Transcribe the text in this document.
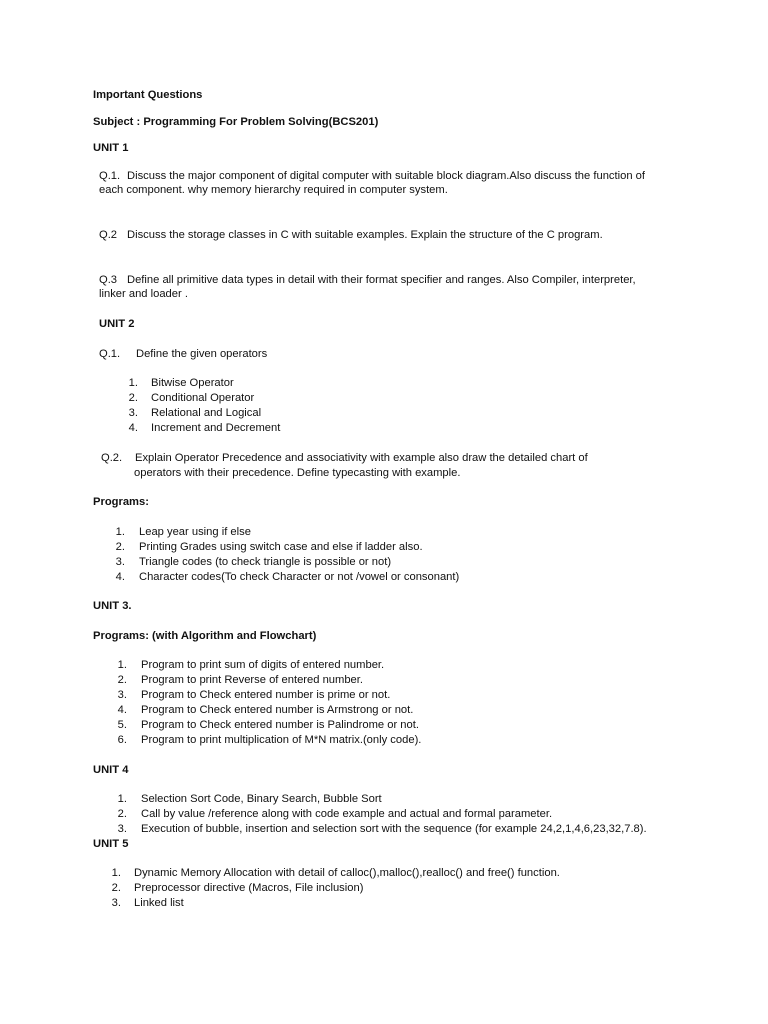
Important Questions
Subject : Programming For Problem Solving(BCS201)
UNIT 1
Q.1. Discuss the major component of digital computer with suitable block diagram.Also discuss the function of
each component. why memory hierarchy required in computer system.
Q.2 Discuss the storage classes in C with suitable examples. Explain the structure of the C program.
Q.3 Define all primitive data types in detail with their format specifier and ranges. Also Compiler, interpreter,
linker and loader .
UNIT 2
Q.1. Define the given operators
1. Bitwise Operator
2. Conditional Operator
3. Relational and Logical
4. Increment and Decrement
Q.2. Explain Operator Precedence and associativity with example also draw the detailed chart of
operators with their precedence. Define typecasting with example.
Programs:
1. Leap year using if else
2. Printing Grades using switch case and else if ladder also.
3. Triangle codes (to check triangle is possible or not)
4. Character codes(To check Character or not /vowel or consonant)
UNIT 3.
Programs: (with Algorithm and Flowchart)
1. Program to print sum of digits of entered number.
2. Program to print Reverse of entered number.
3. Program to Check entered number is prime or not.
4. Program to Check entered number is Armstrong or not.
5. Program to Check entered number is Palindrome or not.
6. Program to print multiplication of M*N matrix.(only code).
UNIT 4
1. Selection Sort Code, Binary Search, Bubble Sort
2. Call by value /reference along with code example and actual and formal parameter.
3. Execution of bubble, insertion and selection sort with the sequence (for example 24,2,1,4,6,23,32,7.8).
UNIT 5
1. Dynamic Memory Allocation with detail of calloc(),malloc(),realloc() and free() function.
2. Preprocessor directive (Macros, File inclusion)
3. Linked list
